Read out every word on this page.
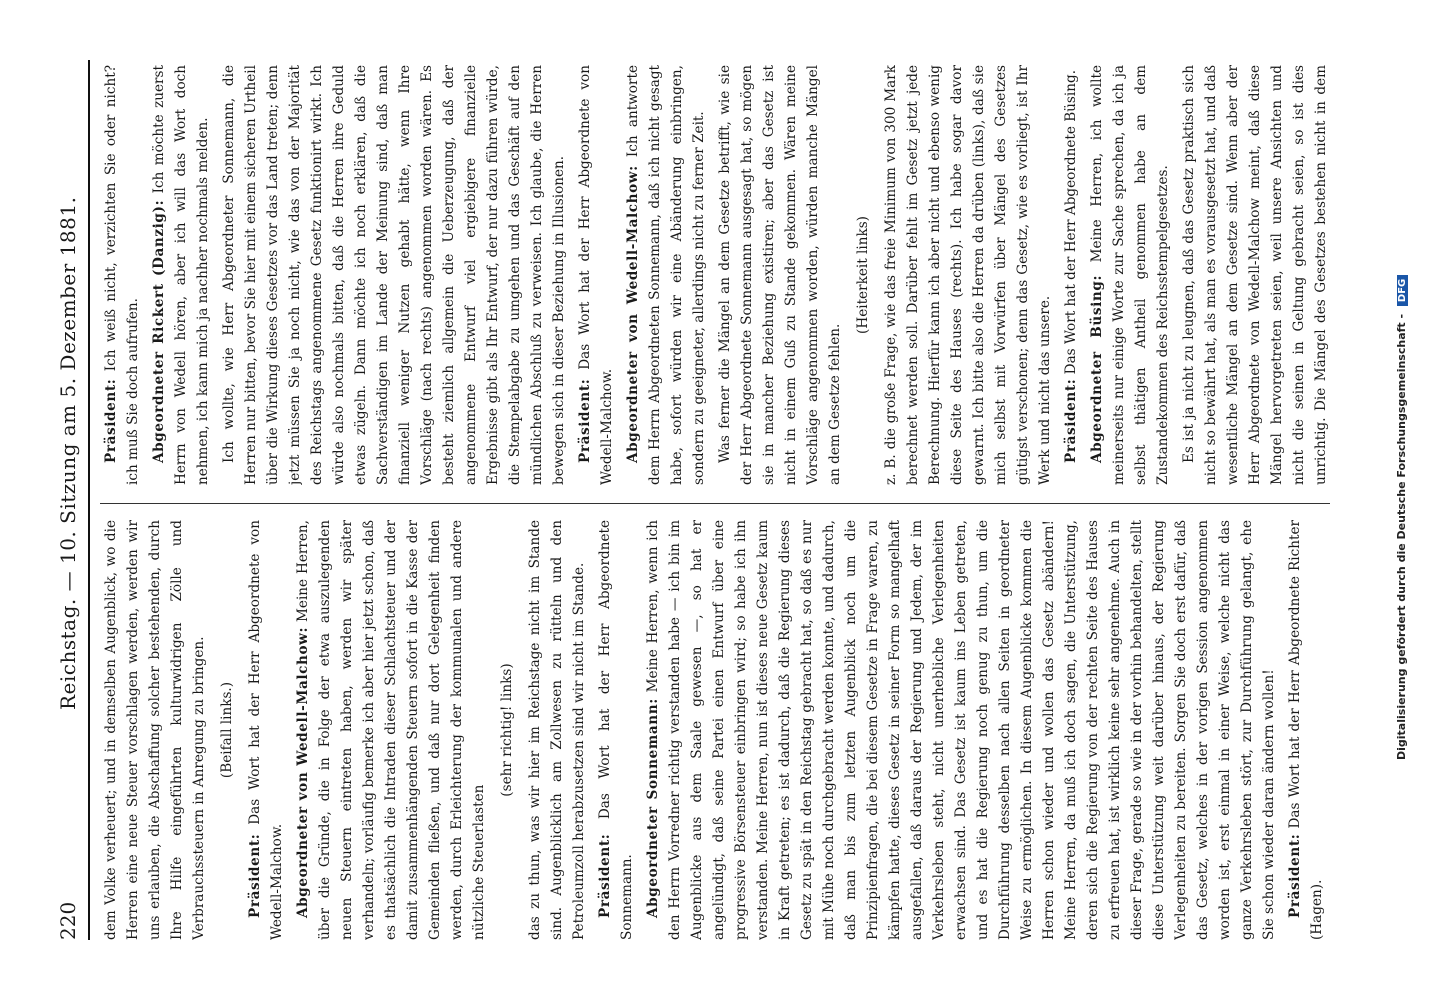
220
Reichstag. — 10. Sitzung am 5. Dezember 1881.

dem Volke verheuert; und in demselben Augenblick, wo die Herren eine neue Steuer vorschlagen werden, werden wir uns erlauben, die Abschaffung solcher bestehenden, durch Ihre Hilfe eingeführten kulturwidrigen Zölle und Verbrauchssteuern in Anregung zu bringen. (Beifall links.)

Präsident: Das Wort hat der Herr Abgeordnete von Wedell-Malchow. Abgeordneter von Wedell-Malchow: Meine Herren, über die Gründe, die in Folge der etwa auszulegenden neuen Steuern eintreten haben, werden wir später verhandeln; vorläufig bemerke ich aber hier jetzt schon, daß es thatsächlich die Intraden dieser Schlachtsteuer und der damit zusammenhängenden Steuern sofort in die Kasse der Gemeinden fließen, und daß nur dort Gelegenheit finden werden, durch Erleichterung der kommunalen und andere nützliche Steuerlasten

(sehr richtig! links) das zu thun, was wir hier im Reichstage nicht im Stande sind. Augenblicklich am Zollwesen zu rütteln und den Petroleumzoll herabzusetzen sind wir nicht im Stande. Präsident: Das Wort hat der Herr Abgeordnete Sonnemann. Abgeordneter Sonnemann: Meine Herren, wenn ich den Herrn Vorredner richtig verstanden habe — ich bin im Augenblicke aus dem Saale gewesen —, so hat er angelündigt, daß seine Partei einen Entwurf über eine progressive Börsensteuer einbringen wird; so habe ich ihn verstanden. Meine Herren, nun ist dieses neue Gesetz kaum in Kraft getreten; es ist dadurch, daß die Regierung dieses Gesetz zu spät in den Reichstag gebracht hat, so daß es nur mit Mühe noch durchgebracht werden konnte, und dadurch, daß man bis zum letzten Augenblick noch um die Prinzipienfragen, die bei diesem Gesetze in Frage waren, zu kämpfen hatte, dieses Gesetz in seiner Form so mangelhaft ausgefallen, daß daraus der Regierung und Jedem, der im Verkehrsleben steht, nicht unerhebliche Verlegenheiten erwachsen sind. Das Gesetz ist kaum ins Leben getreten, und es hat die Regierung noch genug zu thun, um die Durchführung desselben nach allen Seiten in geordneter Weise zu ermöglichen. In diesem Augenblicke kommen die Herren schon wieder und wollen das Gesetz abändern! Meine Herren, da muß ich doch sagen, die Unterstützung, deren sich die Regierung von der rechten Seite des Hauses zu erfreuen hat, ist wirklich keine sehr angenehme. Auch in dieser Frage, gerade so wie in der vorhin behandelten, stellt diese Unterstützung weit darüber hinaus, der Regierung Verlegenheiten zu bereiten. Sorgen Sie doch erst dafür, daß das Gesetz, welches in der vorigen Session angenommen worden ist, erst einmal in einer Weise, welche nicht das ganze Verkehrsleben stört, zur Durchführung gelangt, ehe Sie schon wieder daran ändern wollen! Präsident: Das Wort hat der Herr Abgeordnete Richter (Hagen).

Präsident: Ich weiß nicht, verzichten Sie oder nicht? ich muß Sie doch aufrufen. Abgeordneter Rickert (Danzig): Ich möchte zuerst Herrn von Wedell hören, aber ich will das Wort doch nehmen, ich kann mich ja nachher nochmals melden. Ich wollte, wie Herr Abgeordneter Sonnemann, die Herren nur bitten, bevor Sie hier mit einem sicheren Urtheil über die Wirkung dieses Gesetzes vor das Land treten; denn jetzt müssen Sie ja noch nicht, wie das von der Majorität des Reichstags angenommene Gesetz funktionirt wirkt. Ich würde also nochmals bitten, daß die Herren ihre Geduld etwas zügeln. Dann möchte ich noch erklären, daß die Sachverständigen im Lande der Meinung sind, daß man finanziell weniger Nutzen gehabt hätte, wenn Ihre Vorschläge (nach rechts) angenommen worden wären. Es besteht ziemlich allgemein die Ueberzeugung, daß der angenommene Entwurf viel ergiebigere finanzielle Ergebnisse gibt als Ihr Entwurf, der nur dazu führen würde, die Stempelabgabe zu umgehen und das Geschäft auf den mündlichen Abschluß zu verweisen. Ich glaube, die Herren bewegen sich in dieser Beziehung in Illusionen. Präsident: Das Wort hat der Herr Abgeordnete von Wedell-Malchow. Abgeordneter von Wedell-Malchow: Ich antworte dem Herrn Abgeordneten Sonnemann, daß ich nicht gesagt habe, sofort würden wir eine Abänderung einbringen, sondern zu geeigneter, allerdings nicht zu ferner Zeit. Was ferner die Mängel an dem Gesetze betrifft, wie sie der Herr Abgeordnete Sonnemann ausgesagt hat, so mögen sie in mancher Beziehung existiren; aber das Gesetz ist nicht in einem Guß zu Stande gekommen. Wären meine Vorschläge angenommen worden, würden manche Mängel an dem Gesetze fehlen.

(Heiterkeit links) z. B. die große Frage, wie das freie Minimum von 300 Mark berechnet werden soll. Darüber fehlt im Gesetz jetzt jede Berechnung. Hierfür kann ich aber nicht und ebenso wenig diese Seite des Hauses (rechts). Ich habe sogar davor gewarnt. Ich bitte also die Herren da drüben (links), daß sie mich selbst mit Vorwürfen über Mängel des Gesetzes gütigst verschonen; denn das Gesetz, wie es vorliegt, ist Ihr Werk und nicht das unsere. Präsident: Das Wort hat der Herr Abgeordnete Büsing. Abgeordneter Büsing: Meine Herren, ich wollte meinerseits nur einige Worte zur Sache sprechen, da ich ja selbst thätigen Antheil genommen habe an dem Zustandekommen des Reichsstempelgesetzes. Es ist ja nicht zu leugnen, daß das Gesetz praktisch sich nicht so bewährt hat, als man es vorausgesetzt hat, und daß wesentliche Mängel an dem Gesetze sind. Wenn aber der Herr Abgeordnete von Wedell-Malchow meint, daß diese Mängel hervorgetreten seien, weil unsere Ansichten und nicht die seinen in Geltung gebracht seien, so ist dies unrichtig. Die Mängel des Gesetzes bestehen nicht in dem

Digitalisierung gefördert durch die Deutsche Forschungsgemeinschaft - DFG
